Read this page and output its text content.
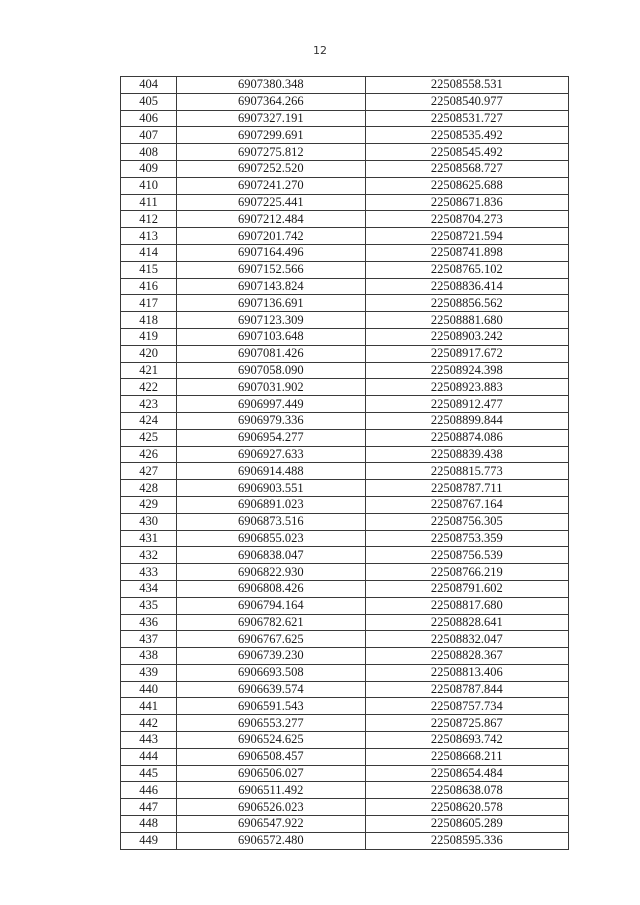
12
404	6907380.348	22508558.531
405	6907364.266	22508540.977
406	6907327.191	22508531.727
407	6907299.691	22508535.492
408	6907275.812	22508545.492
409	6907252.520	22508568.727
410	6907241.270	22508625.688
411	6907225.441	22508671.836
412	6907212.484	22508704.273
413	6907201.742	22508721.594
414	6907164.496	22508741.898
415	6907152.566	22508765.102
416	6907143.824	22508836.414
417	6907136.691	22508856.562
418	6907123.309	22508881.680
419	6907103.648	22508903.242
420	6907081.426	22508917.672
421	6907058.090	22508924.398
422	6907031.902	22508923.883
423	6906997.449	22508912.477
424	6906979.336	22508899.844
425	6906954.277	22508874.086
426	6906927.633	22508839.438
427	6906914.488	22508815.773
428	6906903.551	22508787.711
429	6906891.023	22508767.164
430	6906873.516	22508756.305
431	6906855.023	22508753.359
432	6906838.047	22508756.539
433	6906822.930	22508766.219
434	6906808.426	22508791.602
435	6906794.164	22508817.680
436	6906782.621	22508828.641
437	6906767.625	22508832.047
438	6906739.230	22508828.367
439	6906693.508	22508813.406
440	6906639.574	22508787.844
441	6906591.543	22508757.734
442	6906553.277	22508725.867
443	6906524.625	22508693.742
444	6906508.457	22508668.211
445	6906506.027	22508654.484
446	6906511.492	22508638.078
447	6906526.023	22508620.578
448	6906547.922	22508605.289
449	6906572.480	22508595.336
